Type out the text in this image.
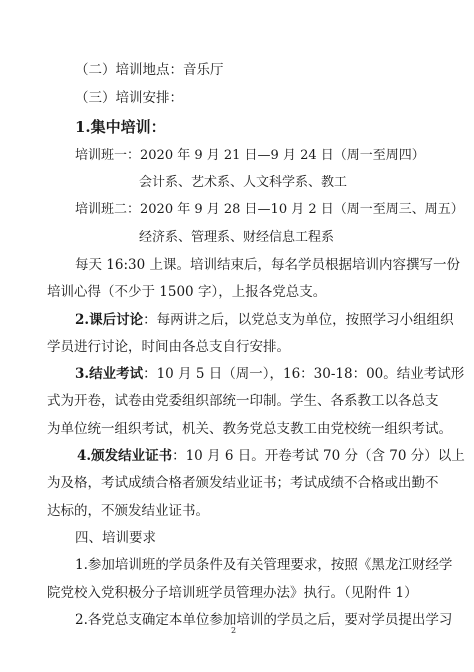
（二）培训地点：音乐厅
（三）培训安排：
1.集中培训：
培训班一：2020 年 9 月 21 日—9 月 24 日（周一至周四）
会计系、艺术系、人文科学系、教工
培训班二：2020 年 9 月 28 日—10 月 2 日（周一至周三、周五）
经济系、管理系、财经信息工程系
每天 16:30 上课。培训结束后，每名学员根据培训内容撰写一份
培训心得（不少于 1500 字），上报各党总支。
2.课后讨论：每两讲之后，以党总支为单位，按照学习小组组织
学员进行讨论，时间由各总支自行安排。
3.结业考试：10 月 5 日（周一），16：30-18：00。结业考试形
式为开卷，试卷由党委组织部统一印制。学生、各系教工以各总支
为单位统一组织考试，机关、教务党总支教工由党校统一组织考试。
4.颁发结业证书：10 月 6 日。开卷考试 70 分（含 70 分）以上
为及格，考试成绩合格者颁发结业证书；考试成绩不合格或出勤不
达标的，不颁发结业证书。
四、培训要求
1.参加培训班的学员条件及有关管理要求，按照《黑龙江财经学
院党校入党积极分子培训班学员管理办法》执行。（见附件 1）
2
2.各党总支确定本单位参加培训的学员之后，要对学员提出学习
